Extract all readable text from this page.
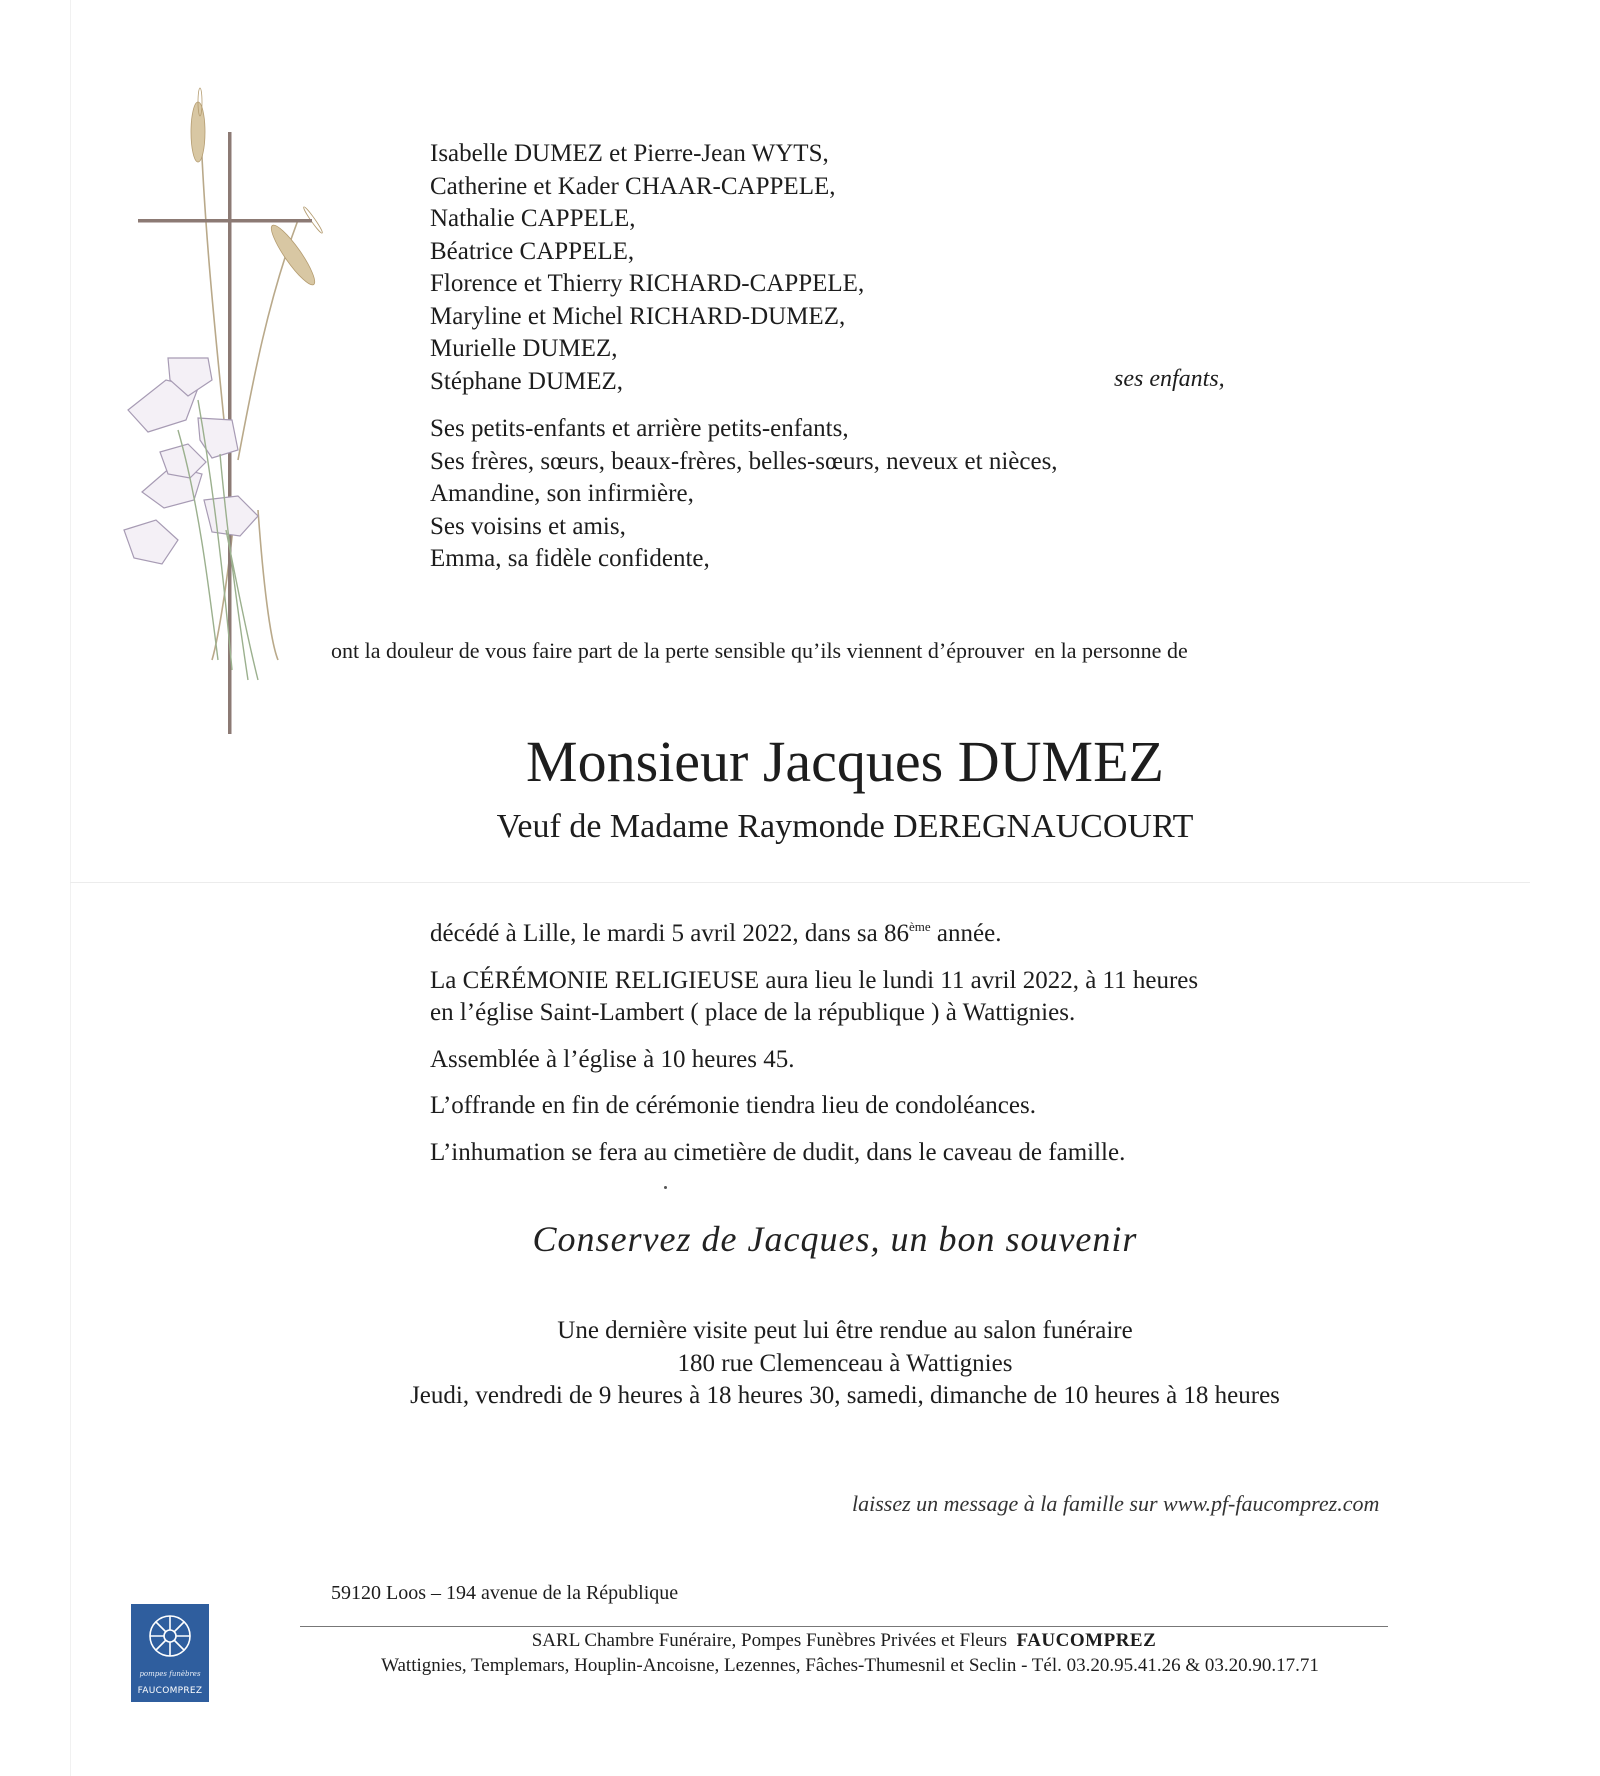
Isabelle DUMEZ et Pierre-Jean WYTS,
Catherine et Kader CHAAR-CAPPELE,
Nathalie CAPPELE,
Béatrice CAPPELE,
Florence et Thierry RICHARD-CAPPELE,
Maryline et Michel RICHARD-DUMEZ,
Murielle DUMEZ,
Stéphane DUMEZ,	ses enfants,
Ses petits-enfants et arrière petits-enfants,
Ses frères, sœurs, beaux-frères, belles-sœurs, neveux et nièces,
Amandine, son infirmière,
Ses voisins et amis,
Emma, sa fidèle confidente,
ont la douleur de vous faire part de la perte sensible qu’ils viennent d’éprouver en la personne de
Monsieur Jacques DUMEZ
Veuf de Madame Raymonde DEREGNAUCOURT

décédé à Lille, le mardi 5 avril 2022, dans sa 86ème année.

La CÉRÉMONIE RELIGIEUSE aura lieu le lundi 11 avril 2022, à 11 heures
en l’église Saint-Lambert ( place de la république ) à Wattignies.

Assemblée à l’église à 10 heures 45.

L’offrande en fin de cérémonie tiendra lieu de condoléances.

L’inhumation se fera au cimetière de dudit, dans le caveau de famille.

Conservez de Jacques, un bon souvenir
Une dernière visite peut lui être rendue au salon funéraire
180 rue Clemenceau à Wattignies
Jeudi, vendredi de 9 heures à 18 heures 30, samedi, dimanche de 10 heures à 18 heures
laissez un message à la famille sur www.pf-faucomprez.com
pompes funèbres
FAUCOMPREZ
59120 Loos – 194 avenue de la République
SARL Chambre Funéraire, Pompes Funèbres Privées et Fleurs FAUCOMPREZ
Wattignies, Templemars, Houplin-Ancoisne, Lezennes, Fâches-Thumesnil et Seclin - Tél. 03.20.95.41.26 & 03.20.90.17.71
